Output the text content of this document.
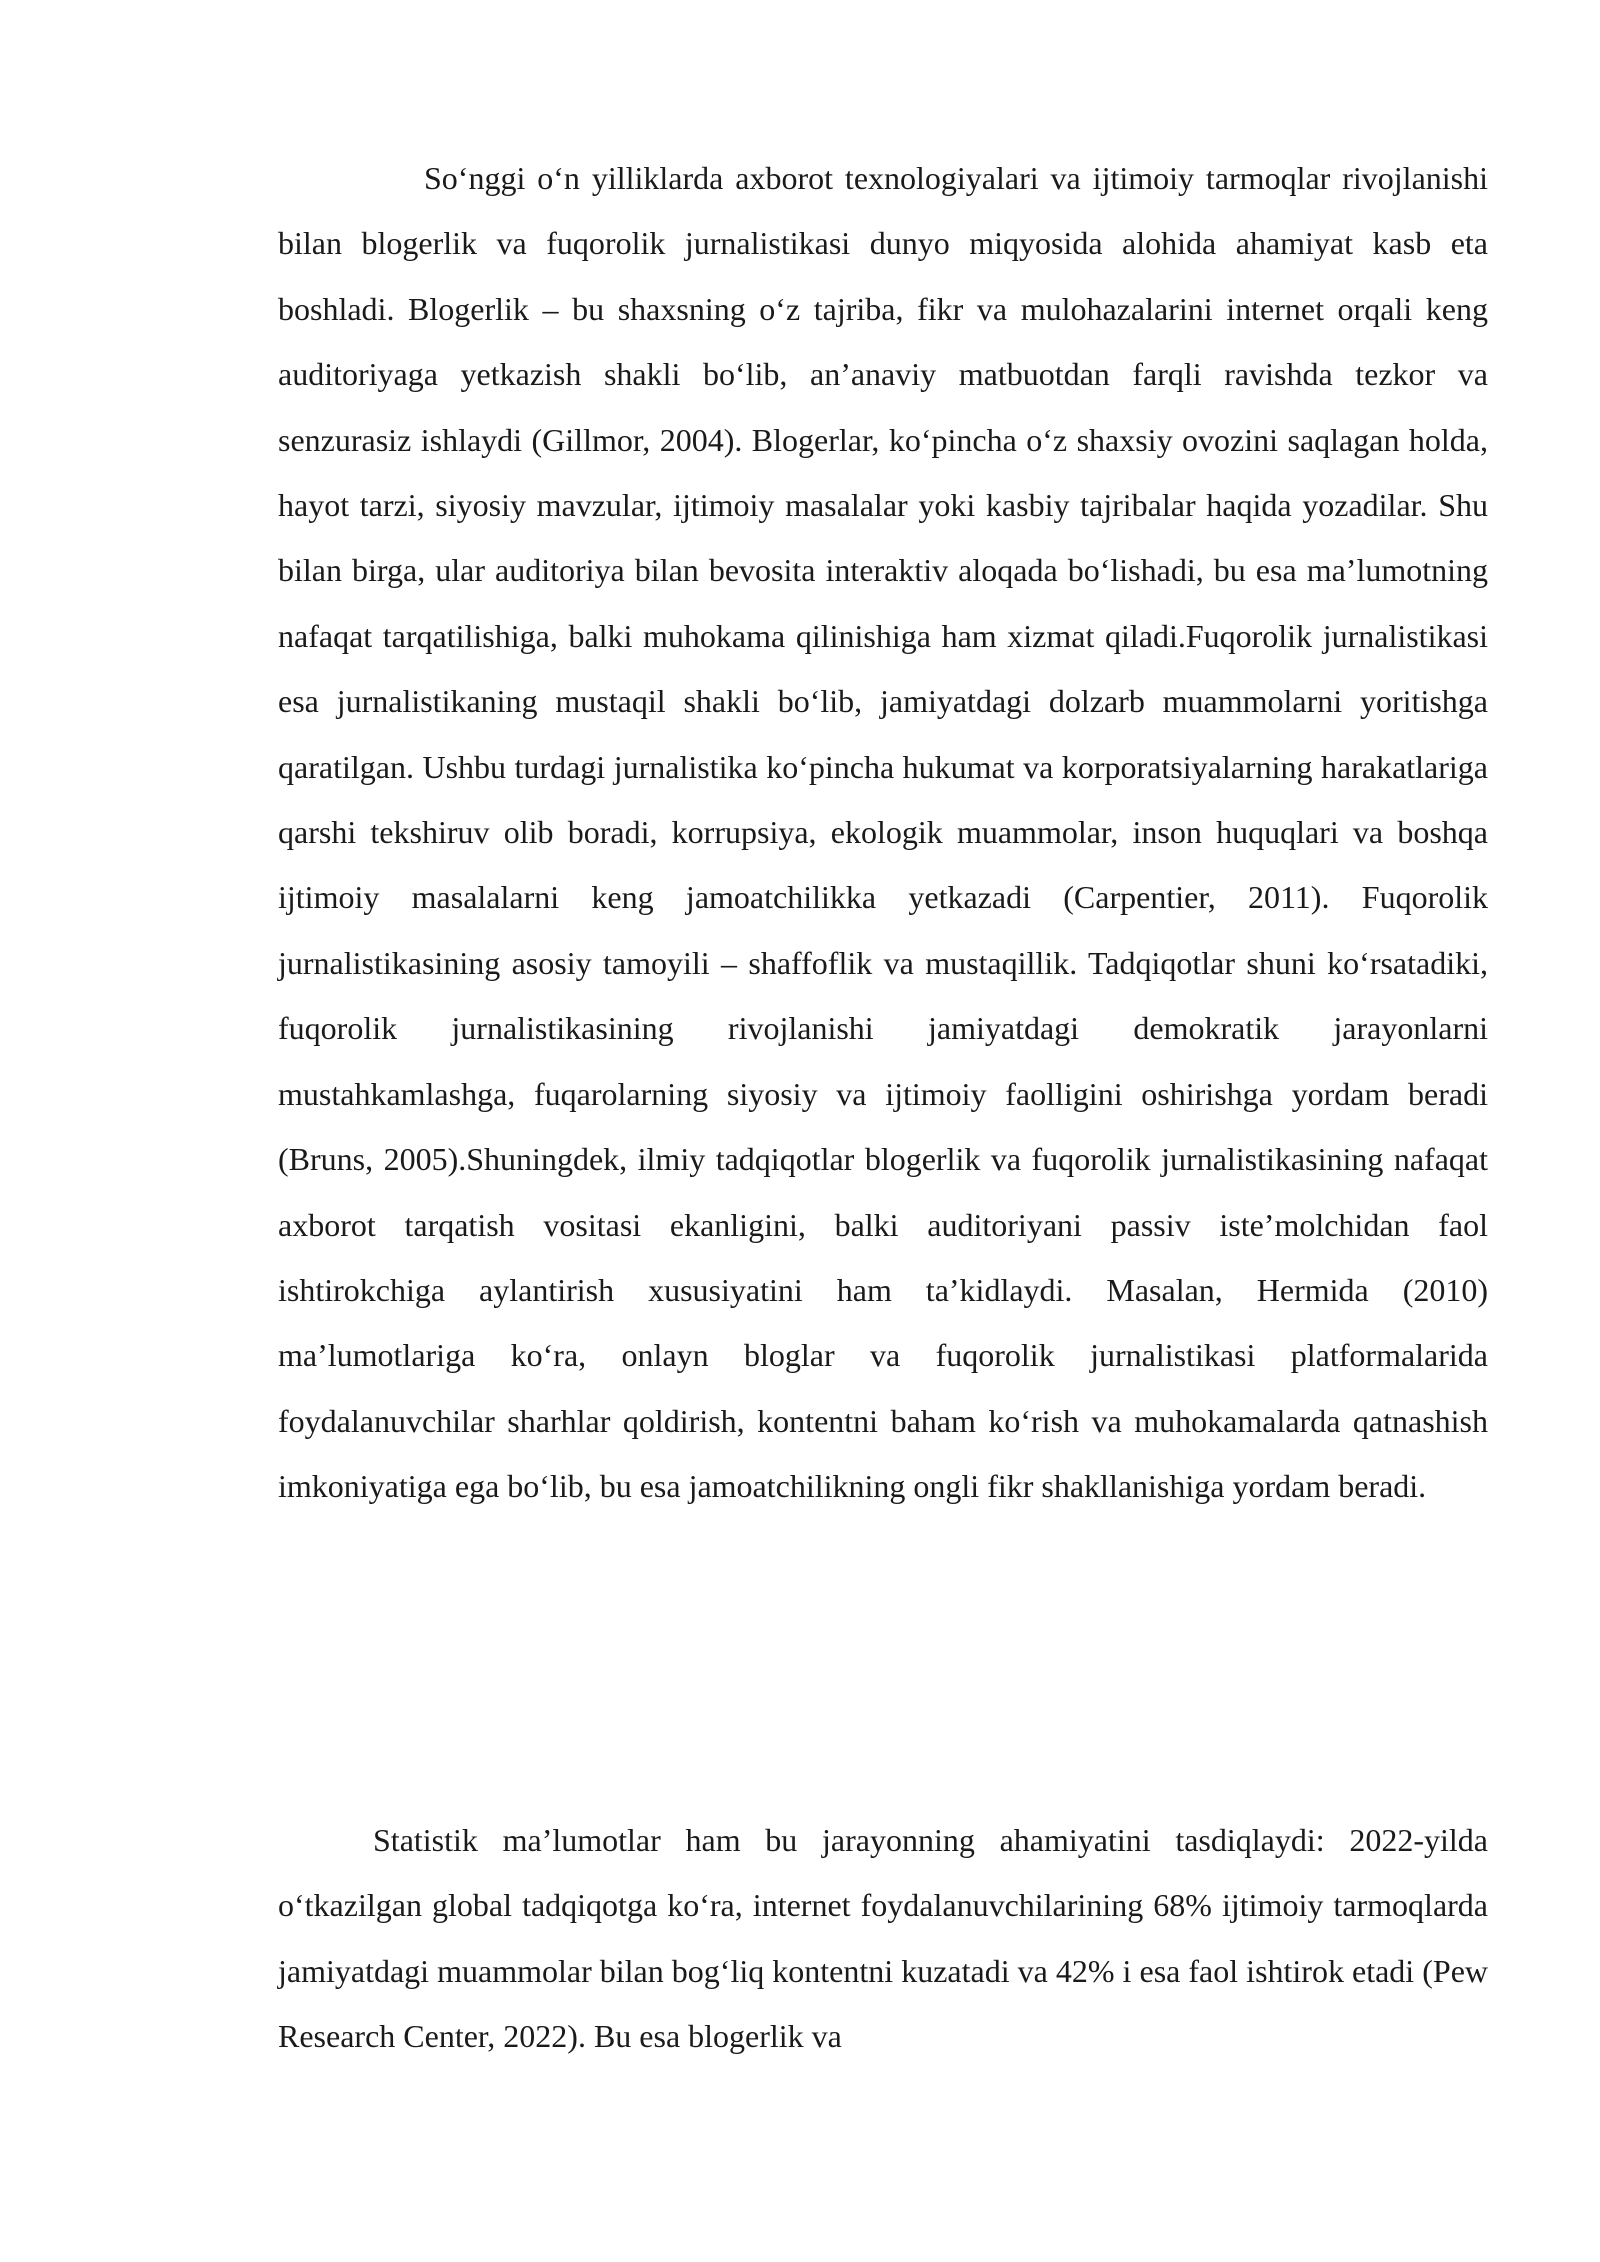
So‘nggi o‘n yilliklarda axborot texnologiyalari va ijtimoiy tarmoqlar rivojlanishi bilan blogerlik va fuqorolik jurnalistikasi dunyo miqyosida alohida ahamiyat kasb eta boshladi. Blogerlik – bu shaxsning o‘z tajriba, fikr va mulohazalarini internet orqali keng auditoriyaga yetkazish shakli bo‘lib, an’anaviy matbuotdan farqli ravishda tezkor va senzurasiz ishlaydi (Gillmor, 2004). Blogerlar, ko‘pincha o‘z shaxsiy ovozini saqlagan holda, hayot tarzi, siyosiy mavzular, ijtimoiy masalalar yoki kasbiy tajribalar haqida yozadilar. Shu bilan birga, ular auditoriya bilan bevosita interaktiv aloqada bo‘lishadi, bu esa ma’lumotning nafaqat tarqatilishiga, balki muhokama qilinishiga ham xizmat qiladi.Fuqorolik jurnalistikasi esa jurnalistikaning mustaqil shakli bo‘lib, jamiyatdagi dolzarb muammolarni yoritishga qaratilgan. Ushbu turdagi jurnalistika ko‘pincha hukumat va korporatsiyalarning harakatlariga qarshi tekshiruv olib boradi, korrupsiya, ekologik muammolar, inson huquqlari va boshqa ijtimoiy masalalarni keng jamoatchilikka yetkazadi (Carpentier, 2011). Fuqorolik jurnalistikasining asosiy tamoyili – shaffoflik va mustaqillik. Tadqiqotlar shuni ko‘rsatadiki, fuqorolik jurnalistikasining rivojlanishi jamiyatdagi demokratik jarayonlarni mustahkamlashga, fuqarolarning siyosiy va ijtimoiy faolligini oshirishga yordam beradi (Bruns, 2005).Shuningdek, ilmiy tadqiqotlar blogerlik va fuqorolik jurnalistikasining nafaqat axborot tarqatish vositasi ekanligini, balki auditoriyani passiv iste’molchidan faol ishtirokchiga aylantirish xususiyatini ham ta’kidlaydi. Masalan, Hermida (2010) ma’lumotlariga ko‘ra, onlayn bloglar va fuqorolik jurnalistikasi platformalarida foydalanuvchilar sharhlar qoldirish, kontentni baham ko‘rish va muhokamalarda qatnashish imkoniyatiga ega bo‘lib, bu esa jamoatchilikning ongli fikr shakllanishiga yordam beradi.

Statistik ma’lumotlar ham bu jarayonning ahamiyatini tasdiqlaydi: 2022-yilda o‘tkazilgan global tadqiqotga ko‘ra, internet foydalanuvchilarining 68% ijtimoiy tarmoqlarda jamiyatdagi muammolar bilan bog‘liq kontentni kuzatadi va 42% i esa faol ishtirok etadi (Pew Research Center, 2022). Bu esa blogerlik va
